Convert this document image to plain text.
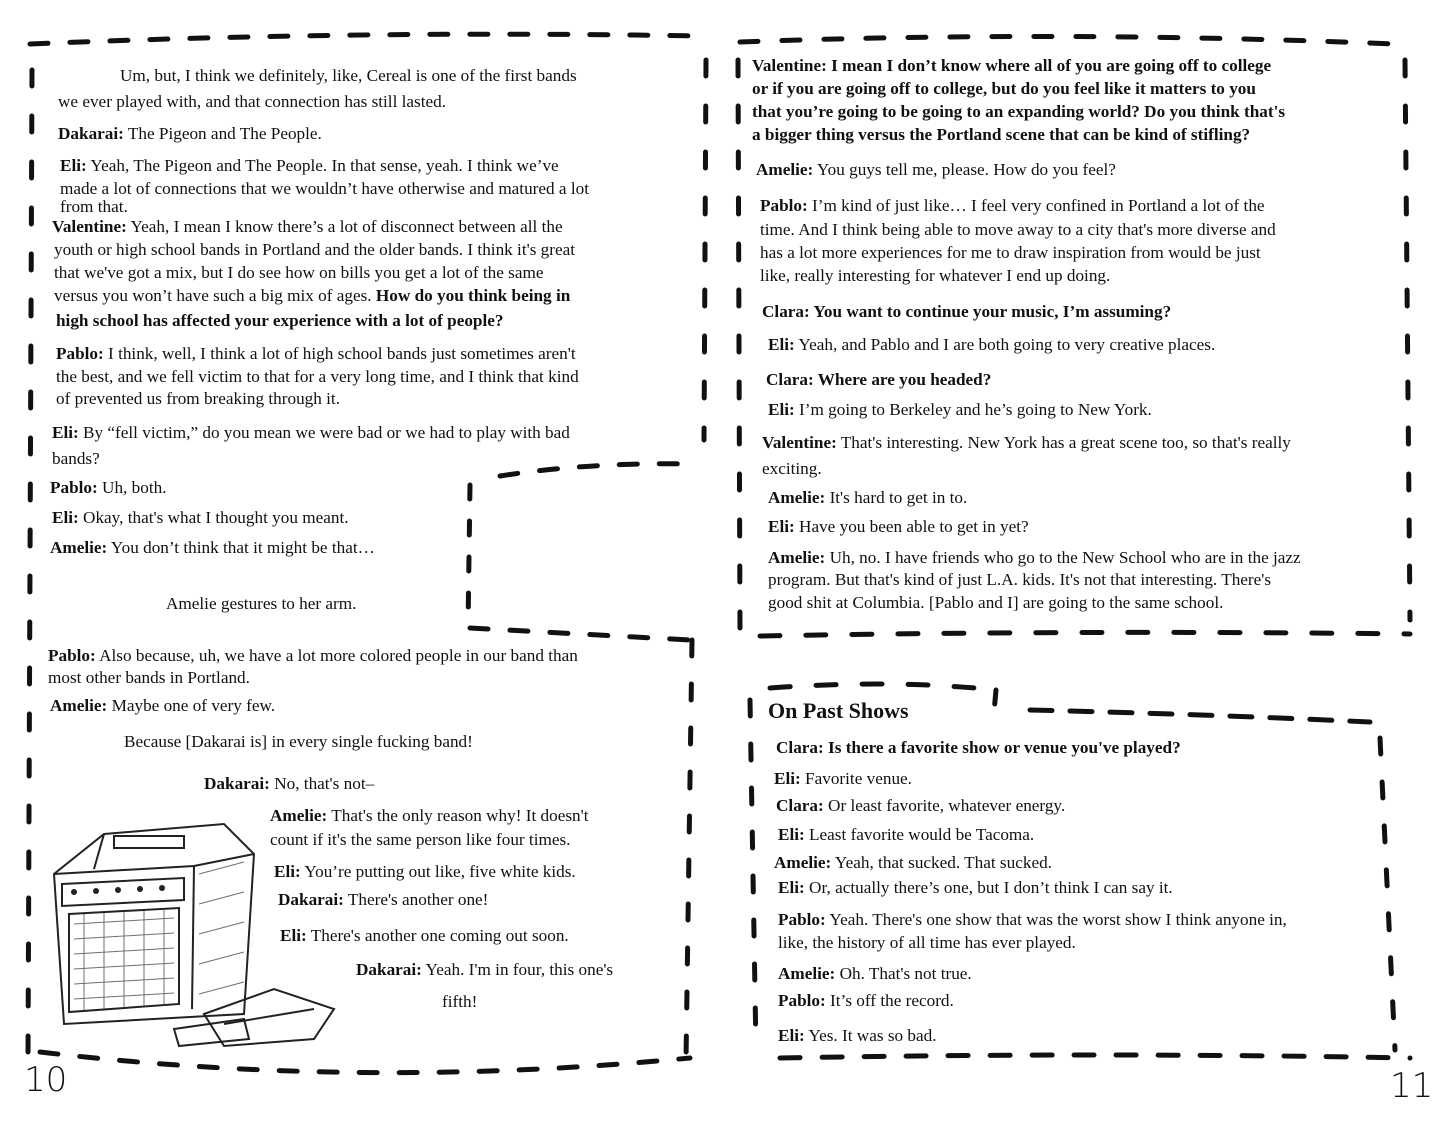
Um, but, I think we definitely, like, Cereal is one of the first bands
we ever played with, and that connection has still lasted.
Dakarai: The Pigeon and The People.
Eli: Yeah, The Pigeon and The People. In that sense, yeah. I think we’ve
made a lot of connections that we wouldn’t have otherwise and matured a lot
from that.
Valentine: Yeah, I mean I know there’s a lot of disconnect between all the
youth or high school bands in Portland and the older bands. I think it's great
that we've got a mix, but I do see how on bills you get a lot of the same
versus you won’t have such a big mix of ages. How do you think being in
high school has affected your experience with a lot of people?
Pablo: I think, well, I think a lot of high school bands just sometimes aren't
the best, and we fell victim to that for a very long time, and I think that kind
of prevented us from breaking through it.
Eli: By “fell victim,” do you mean we were bad or we had to play with bad
bands?
Pablo: Uh, both.
Eli: Okay, that's what I thought you meant.
Amelie: You don’t think that it might be that…
Amelie gestures to her arm.
Pablo: Also because, uh, we have a lot more colored people in our band than
most other bands in Portland.
Amelie: Maybe one of very few.
Because [Dakarai is] in every single fucking band!
Dakarai: No, that's not–
Amelie: That's the only reason why! It doesn't
count if it's the same person like four times.
Eli: You’re putting out like, five white kids.
Dakarai: There's another one!
Eli: There's another one coming out soon.
Dakarai: Yeah. I'm in four, this one's
fifth!
10
Valentine: I mean I don’t know where all of you are going off to college
or if you are going off to college, but do you feel like it matters to you
that you’re going to be going to an expanding world? Do you think that's
a bigger thing versus the Portland scene that can be kind of stifling?
Amelie: You guys tell me, please. How do you feel?
Pablo: I’m kind of just like… I feel very confined in Portland a lot of the
time. And I think being able to move away to a city that's more diverse and
has a lot more experiences for me to draw inspiration from would be just
like, really interesting for whatever I end up doing.
Clara: You want to continue your music, I’m assuming?
Eli: Yeah, and Pablo and I are both going to very creative places.
Clara: Where are you headed?
Eli: I’m going to Berkeley and he’s going to New York.
Valentine: That's interesting. New York has a great scene too, so that's really
exciting.
Amelie: It's hard to get in to.
Eli: Have you been able to get in yet?
Amelie: Uh, no. I have friends who go to the New School who are in the jazz
program. But that's kind of just L.A. kids. It's not that interesting. There's
good shit at Columbia. [Pablo and I] are going to the same school.
On Past Shows
Clara: Is there a favorite show or venue you've played?
Eli: Favorite venue.
Clara: Or least favorite, whatever energy.
Eli: Least favorite would be Tacoma.
Amelie: Yeah, that sucked. That sucked.
Eli: Or, actually there’s one, but I don’t think I can say it.
Pablo: Yeah. There's one show that was the worst show I think anyone in,
like, the history of all time has ever played.
Amelie: Oh. That's not true.
Pablo: It’s off the record.
Eli: Yes. It was so bad.
11
